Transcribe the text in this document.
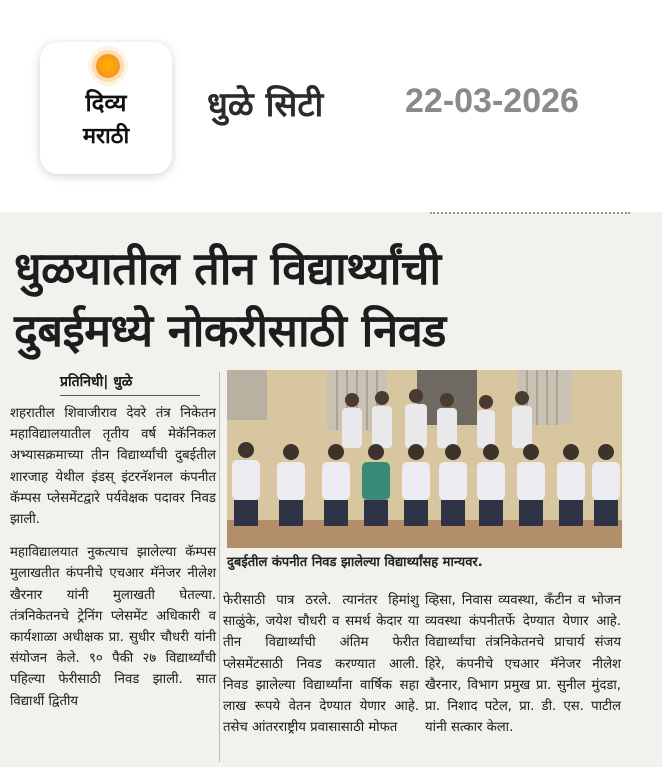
दिव्य
मराठी
धुळे सिटी 22-03-2026
धुळयातील तीन विद्यार्थ्यांची
दुबईमध्ये नोकरीसाठी निवड
प्रतिनिधी| धुळे

शहरातील शिवाजीराव देवरे तंत्र निकेतन महाविद्यालयातील तृतीय वर्ष मेकॅनिकल अभ्यासक्रमाच्या तीन विद्यार्थ्यांची दुबईतील शारजाह येथील इंडस् इंटरनॅशनल कंपनीत कॅम्पस प्लेसमेंटद्वारे पर्यवेक्षक पदावर निवड झाली.

महाविद्यालयात नुकत्याच झालेल्या कॅम्पस मुलाखतीत कंपनीचे एचआर मॅनेजर नीलेश खैरनार यांनी मुलाखती घेतल्या. तंत्रनिकेतनचे ट्रेनिंग प्लेसमेंट अधिकारी व कार्यशाळा अधीक्षक प्रा. सुधीर चौधरी यांनी संयोजन केले. ९० पैकी २७ विद्यार्थ्यांची पहिल्या फेरीसाठी निवड झाली. सात विद्यार्थी द्वितीय

दुबईतील कंपनीत निवड झालेल्या विद्यार्थ्यांसह मान्यवर.
फेरीसाठी पात्र ठरले. त्यानंतर हिमांशु साळुंके, जयेश चौधरी व समर्थ केदार या तीन विद्यार्थ्यांची अंतिम फेरीत प्लेसमेंटसाठी निवड करण्यात आली. निवड झालेल्या विद्यार्थ्यांना वार्षिक सहा लाख रूपये वेतन देण्यात येणार आहे. तसेच आंतरराष्ट्रीय प्रवासासाठी मोफत
व्हिसा, निवास व्यवस्था, कॅंटीन व भोजन व्यवस्था कंपनीतर्फे देण्यात येणार आहे. विद्यार्थ्यांचा तंत्रनिकेतनचे प्राचार्य संजय हिरे, कंपनीचे एचआर मॅनेजर नीलेश खैरनार, विभाग प्रमुख प्रा. सुनील मुंदडा, प्रा. निशाद पटेल, प्रा. डी. एस. पाटील यांनी सत्कार केला.
